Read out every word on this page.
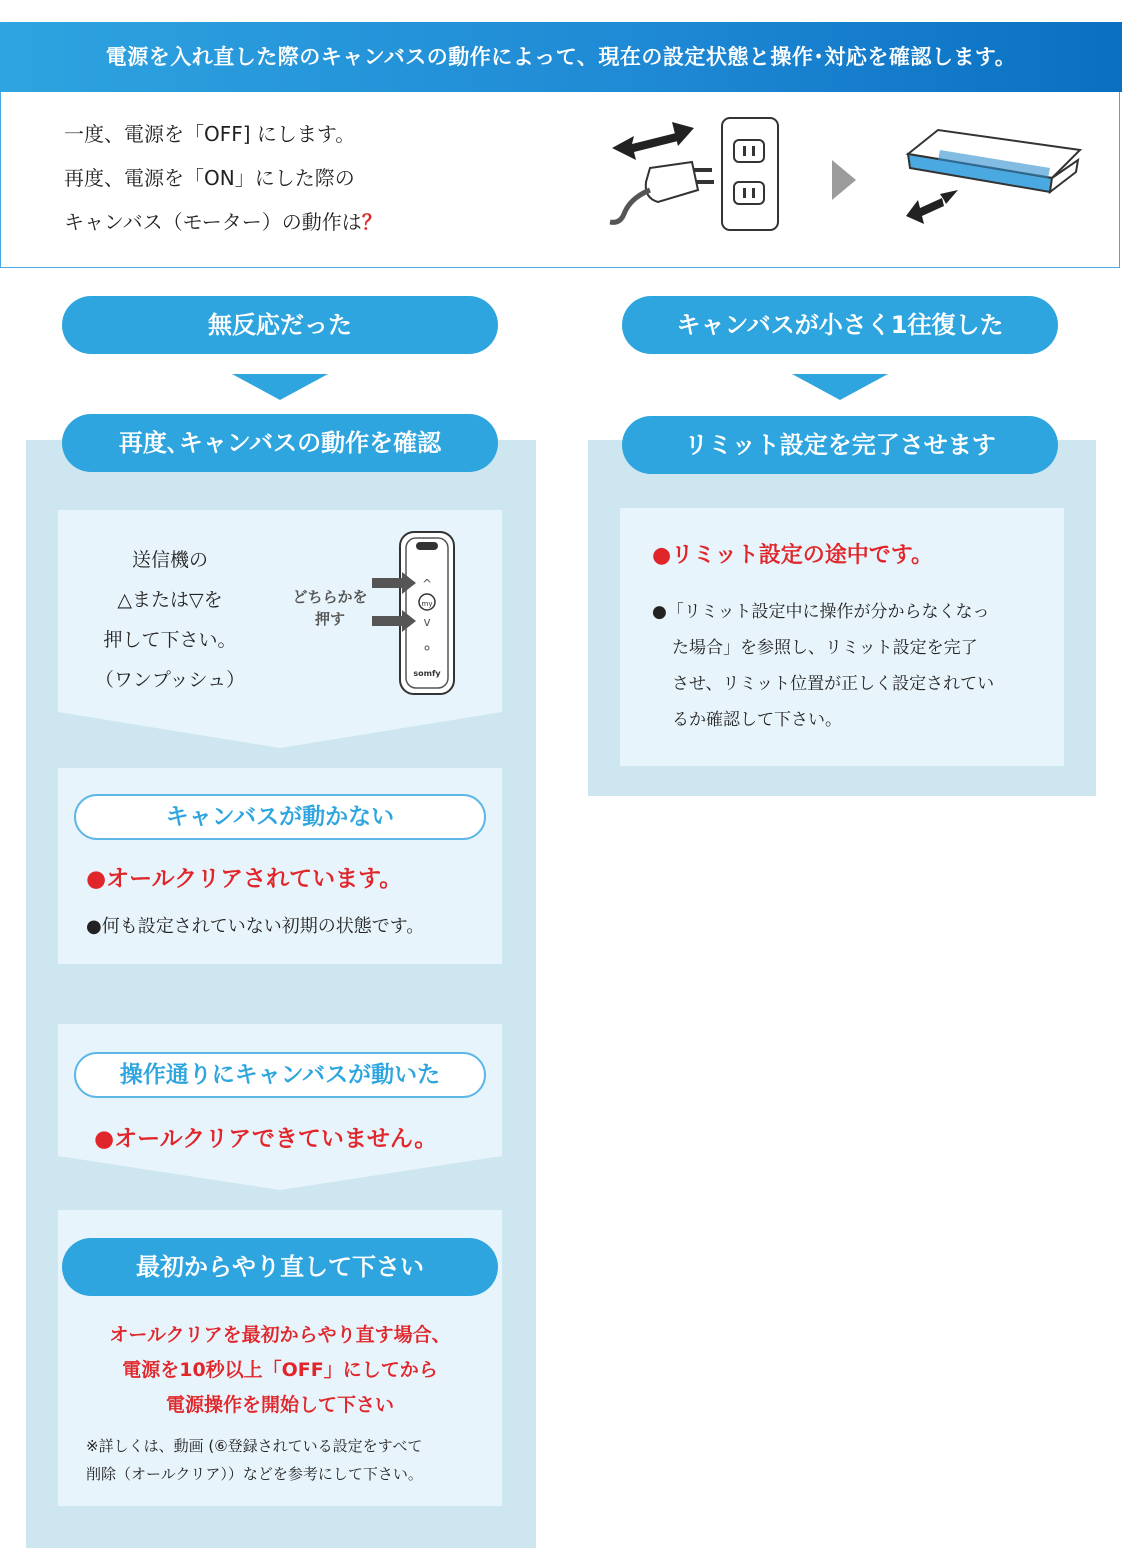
電源を入れ直した際のキャンバスの動作によって、現在の設定状態と操作･対応を確認します。
一度、電源を「OFF] にします。
再度、電源を「ON」にした際の
キャンバス（モーター）の動作は？
無反応だった	キャンバスが小さく1往復した
再度､キャンバスの動作を確認
送信機の
△または▽を
押して下さい。
（ワンプッシュ）
どちらかを
押す
^
my
v
somfy
キャンバスが動かない
●オールクリアされています。
●何も設定されていない初期の状態です。
操作通りにキャンバスが動いた
●オールクリアできていません。
最初からやり直して下さい
オールクリアを最初からやり直す場合、
電源を10秒以上「OFF」にしてから
電源操作を開始して下さい
※詳しくは、動画 (⑥登録されている設定をすべて
削除（オールクリア））などを参考にして下さい。
リミット設定を完了させます
●リミット設定の途中です。
●「リミット設定中に操作が分からなくなっ
た場合」を参照し、リミット設定を完了
させ、リミット位置が正しく設定されてい
るか確認して下さい。
